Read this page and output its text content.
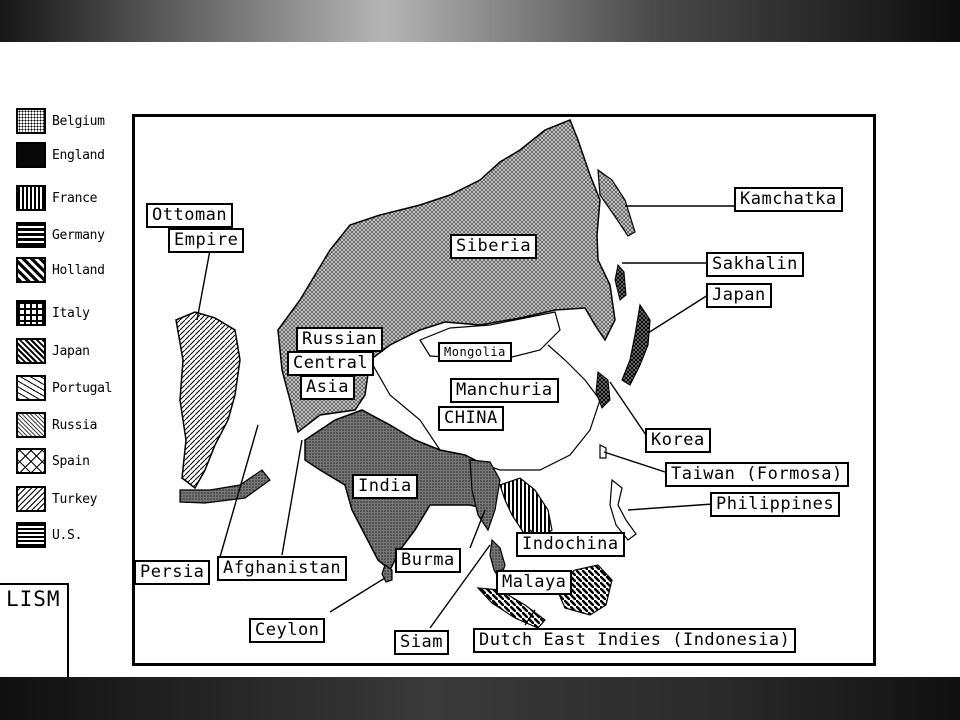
Belgium
England
France
Germany
Holland
Italy
Japan
Portugal
Russia
Spain
Turkey
U.S.
LISM
Ottoman
Empire	Siberia
Kamchatka
Sakhalin
Japan
Russian
Central
Asia
Mongolia
Manchuria
CHINA
Korea
Taiwan (Formosa)
Philippines
India
Indochina
Burma
Malaya
Persia	Afghanistan
Ceylon
Siam	Dutch East Indies (Indonesia)
